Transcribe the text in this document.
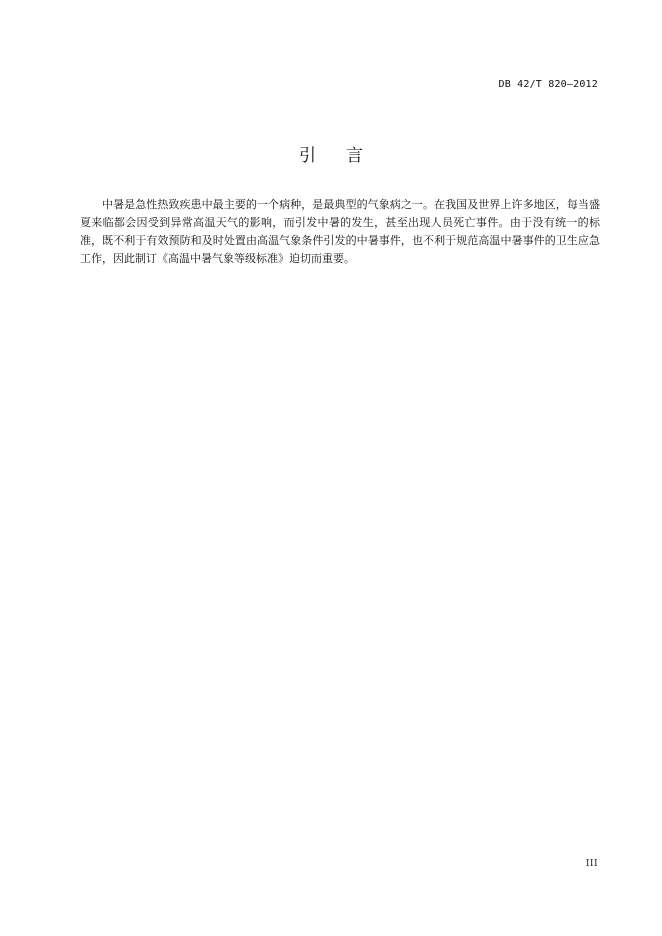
DB 42/T 820—2012
引 言

中暑是急性热致疾患中最主要的一个病种，是最典型的气象病之一。在我国及世界上许多地区，每当盛夏来临都会因受到异常高温天气的影响，而引发中暑的发生，甚至出现人员死亡事件。由于没有统一的标准，既不利于有效预防和及时处置由高温气象条件引发的中暑事件，也不利于规范高温中暑事件的卫生应急工作，因此制订《高温中暑气象等级标准》迫切而重要。

III
